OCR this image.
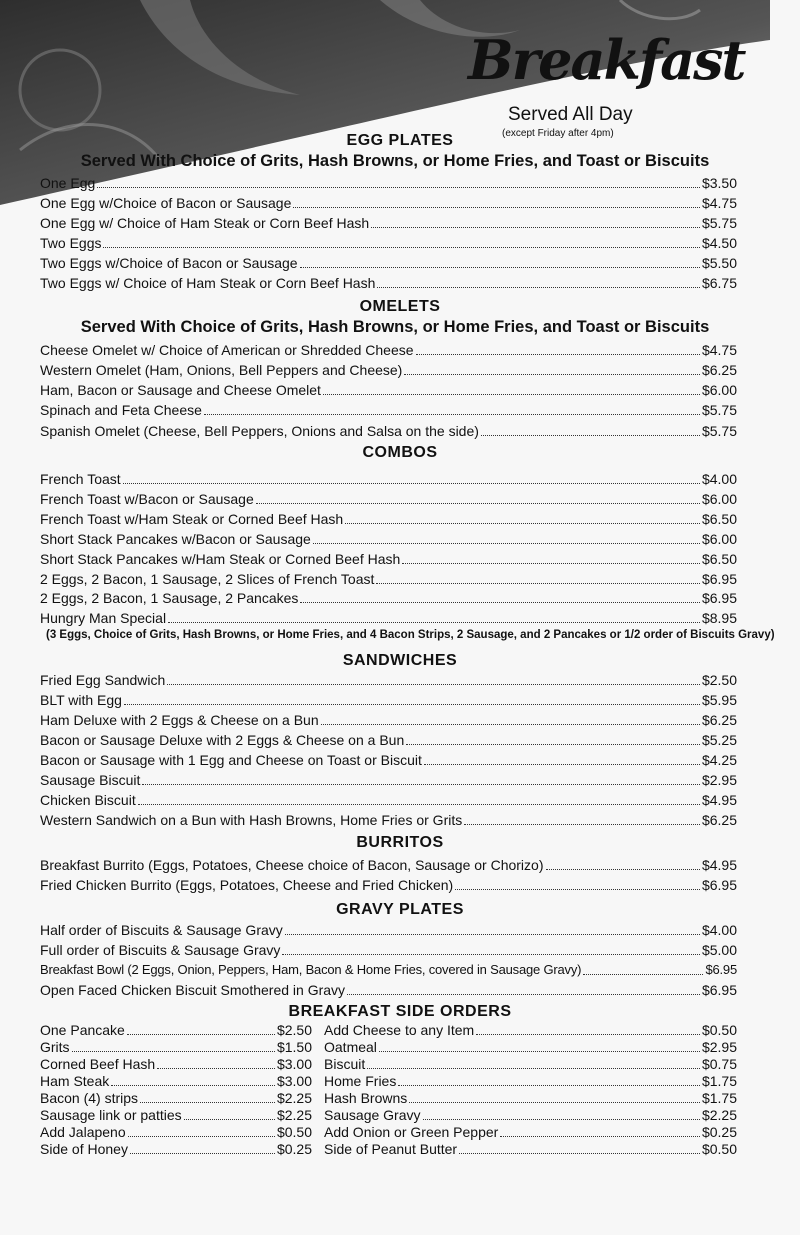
Breakfast
Served All Day
(except Friday after 4pm)
EGG PLATES
Served With Choice of Grits, Hash Browns, or Home Fries, and Toast or Biscuits
One Egg	$3.50
One Egg w/Choice of Bacon or Sausage	$4.75
One Egg w/ Choice of Ham Steak or Corn Beef Hash	$5.75
Two Eggs	$4.50
Two Eggs w/Choice of Bacon or Sausage	$5.50
Two Eggs w/ Choice of Ham Steak or Corn Beef Hash	$6.75
OMELETS
Served With Choice of Grits, Hash Browns, or Home Fries, and Toast or Biscuits
Cheese Omelet w/ Choice of American or Shredded Cheese	$4.75
Western Omelet (Ham, Onions, Bell Peppers and Cheese)	$6.25
Ham, Bacon or Sausage and Cheese Omelet	$6.00
Spinach and Feta Cheese	$5.75
Spanish Omelet (Cheese, Bell Peppers, Onions and Salsa on the side)	$5.75
COMBOS
French Toast	$4.00
French Toast w/Bacon or Sausage	$6.00
French Toast w/Ham Steak or Corned Beef Hash	$6.50
Short Stack Pancakes w/Bacon or Sausage	$6.00
Short Stack Pancakes w/Ham Steak or Corned Beef Hash	$6.50
2 Eggs, 2 Bacon, 1 Sausage, 2 Slices of French Toast	$6.95
2 Eggs, 2 Bacon, 1 Sausage, 2 Pancakes	$6.95
Hungry Man Special	$8.95
(3 Eggs, Choice of Grits, Hash Browns, or Home Fries, and 4 Bacon Strips, 2 Sausage, and 2 Pancakes or 1/2 order of Biscuits Gravy)
SANDWICHES
Fried Egg Sandwich	$2.50
BLT with Egg	$5.95
Ham Deluxe with 2 Eggs & Cheese on a Bun	$6.25
Bacon or Sausage Deluxe with 2 Eggs & Cheese on a Bun	$5.25
Bacon or Sausage with 1 Egg and Cheese on Toast or Biscuit	$4.25
Sausage Biscuit	$2.95
Chicken Biscuit	$4.95
Western Sandwich on a Bun with Hash Browns, Home Fries or Grits	$6.25
BURRITOS
Breakfast Burrito (Eggs, Potatoes, Cheese choice of Bacon, Sausage or Chorizo)	$4.95
Fried Chicken Burrito (Eggs, Potatoes, Cheese and Fried Chicken)	$6.95
GRAVY PLATES
Half order of Biscuits & Sausage Gravy	$4.00
Full order of Biscuits & Sausage Gravy	$5.00
Breakfast Bowl (2 Eggs, Onion, Peppers, Ham, Bacon & Home Fries, covered in Sausage Gravy)	$6.95
Open Faced Chicken Biscuit Smothered in Gravy	$6.95
BREAKFAST SIDE ORDERS
One Pancake	$2.50
Grits	$1.50
Corned Beef Hash	$3.00
Ham Steak	$3.00
Bacon (4) strips	$2.25
Sausage link or patties	$2.25
Add Jalapeno	$0.50
Side of Honey	$0.25
Add Cheese to any Item	$0.50
Oatmeal	$2.95
Biscuit	$0.75
Home Fries	$1.75
Hash Browns	$1.75
Sausage Gravy	$2.25
Add Onion or Green Pepper	$0.25
Side of Peanut Butter	$0.50
